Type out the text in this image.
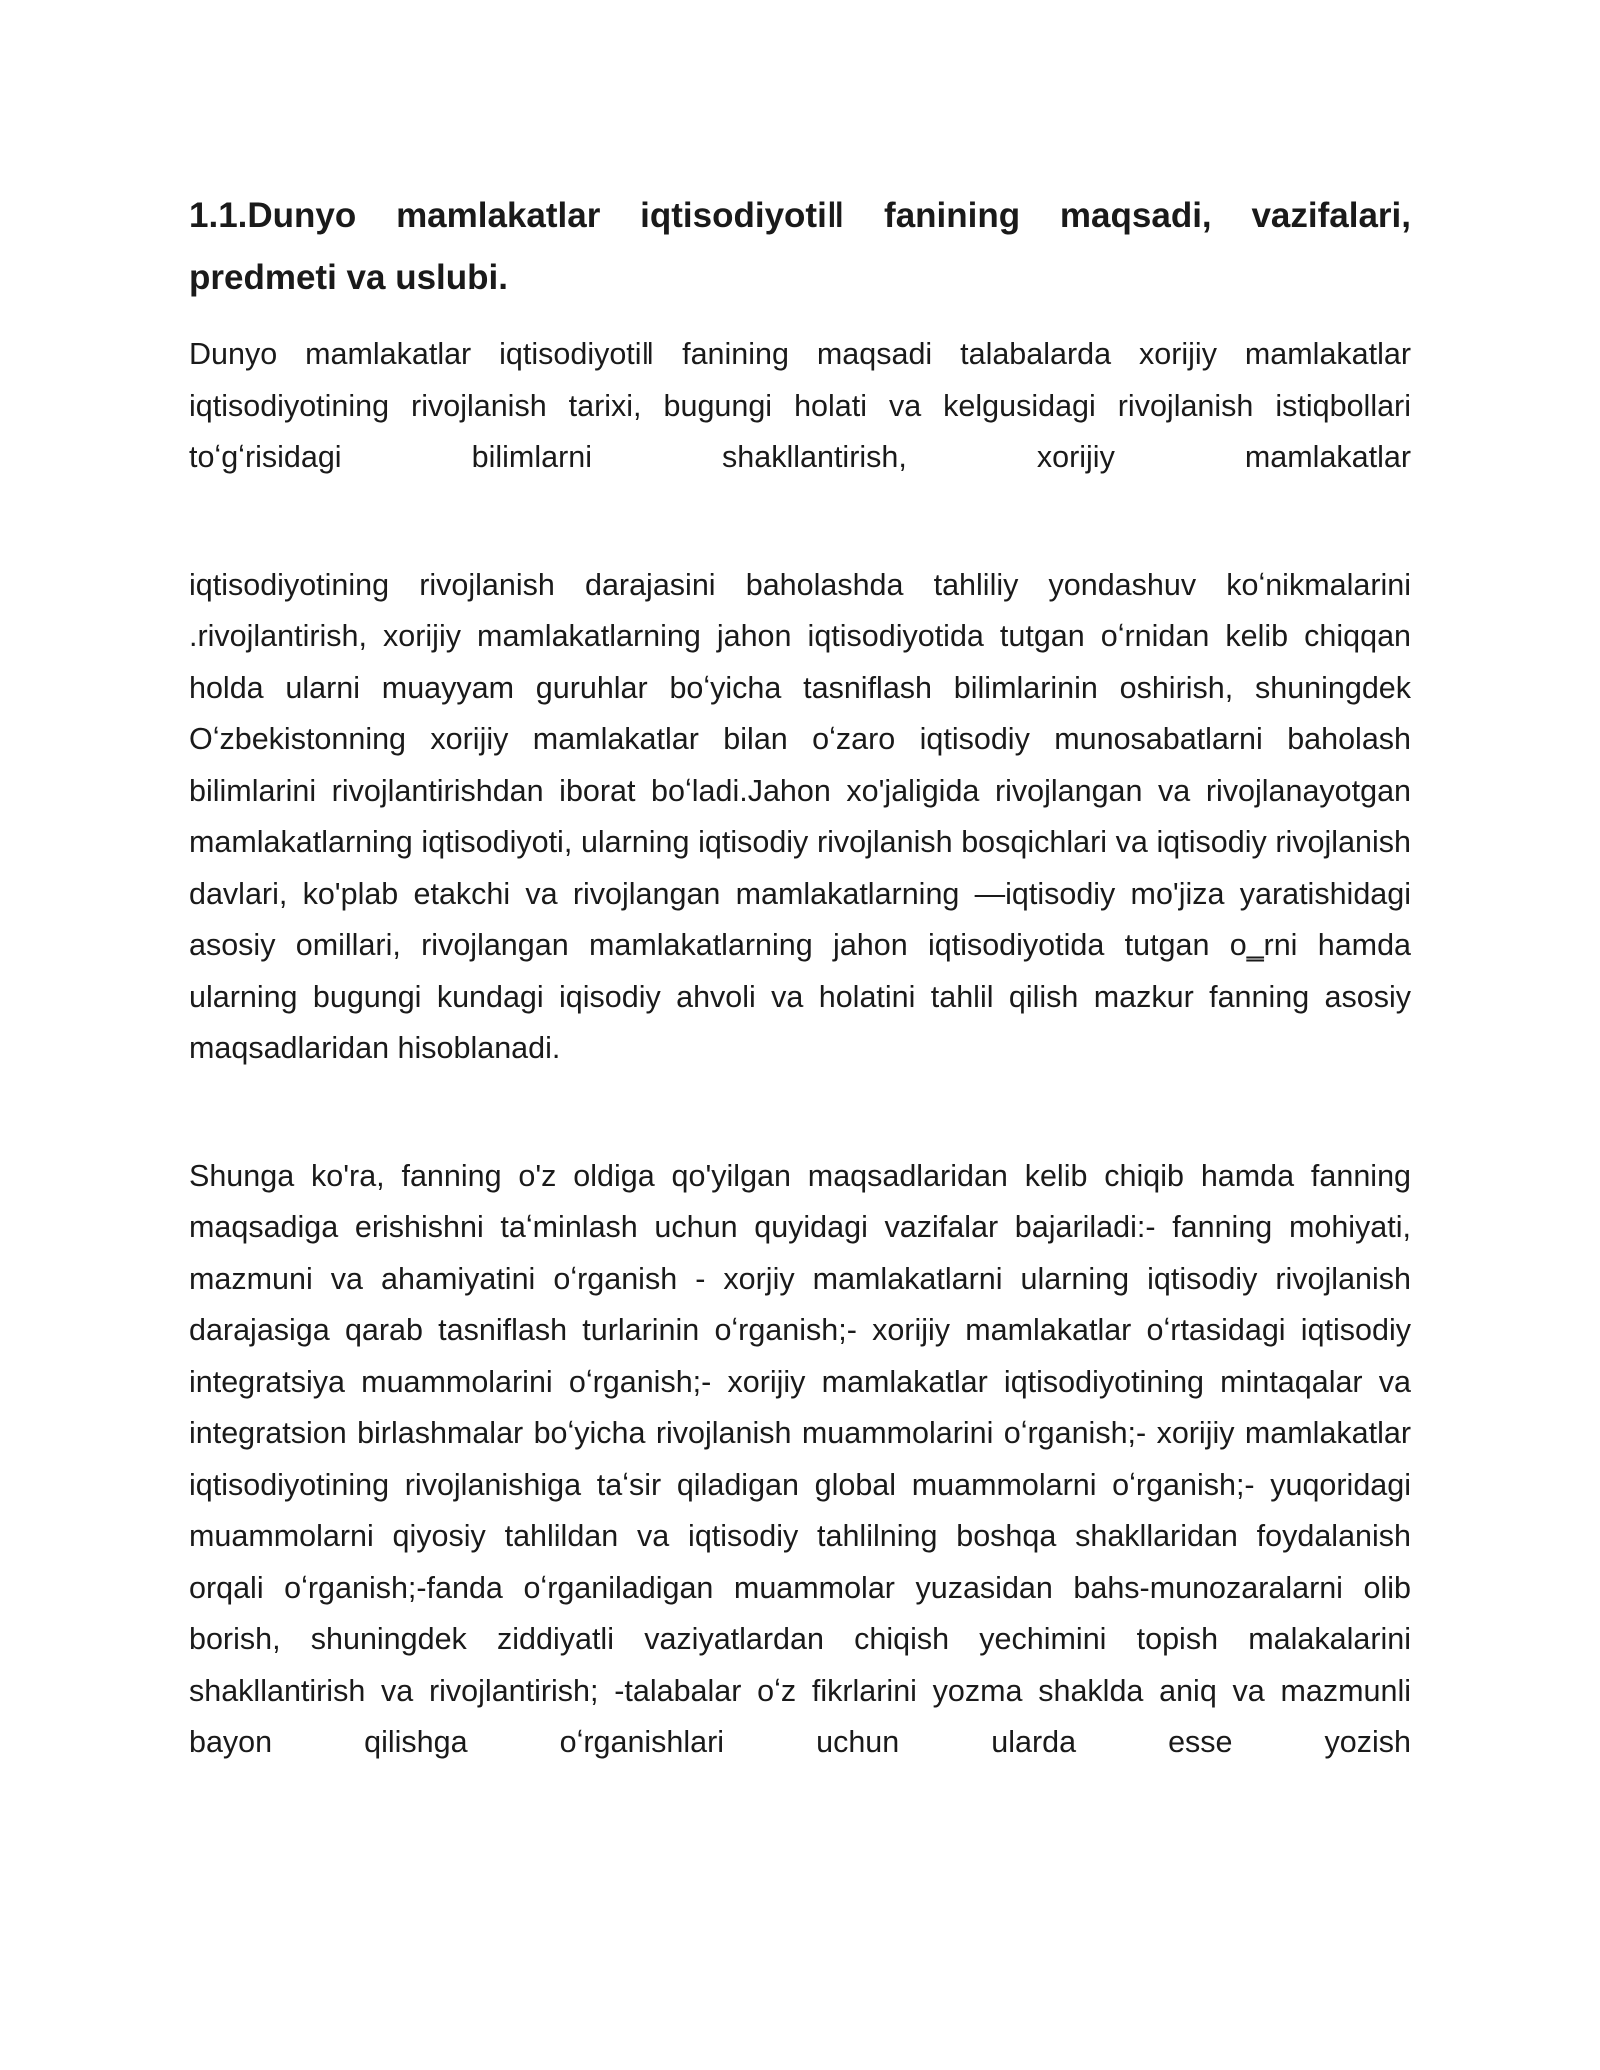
1.1.Dunyo mamlakatlar iqtisodiyoti‖ fanining maqsadi, vazifalari, predmeti va uslubi.

Dunyo mamlakatlar iqtisodiyoti‖ fanining maqsadi talabalarda xorijiy mamlakatlar iqtisodiyotining rivojlanish tarixi, bugungi holati va kelgusidagi rivojlanish istiqbollari toʻgʻrisidagi bilimlarni shakllantirish, xorijiy mamlakatlar

iqtisodiyotining rivojlanish darajasini baholashda tahliliy yondashuv koʻnikmalarini .rivojlantirish, xorijiy mamlakatlarning jahon iqtisodiyotida tutgan oʻrnidan kelib chiqqan holda ularni muayyam guruhlar boʻyicha tasniflash bilimlarinin oshirish, shuningdek Oʻzbekistonning xorijiy mamlakatlar bilan oʻzaro iqtisodiy munosabatlarni baholash bilimlarini rivojlantirishdan iborat boʻladi.Jahon xo'jaligida rivojlangan va rivojlanayotgan mamlakatlarning iqtisodiyoti, ularning iqtisodiy rivojlanish bosqichlari va iqtisodiy rivojlanish davlari, ko'plab etakchi va rivojlangan mamlakatlarning ―iqtisodiy mo'jiza yaratishidagi asosiy omillari, rivojlangan mamlakatlarning jahon iqtisodiyotida tutgan o‗rni hamda ularning bugungi kundagi iqisodiy ahvoli va holatini tahlil qilish mazkur fanning asosiy maqsadlaridan hisoblanadi.

Shunga ko'ra, fanning o'z oldiga qo'yilgan maqsadlaridan kelib chiqib hamda fanning maqsadiga erishishni taʻminlash uchun quyidagi vazifalar bajariladi:- fanning mohiyati, mazmuni va ahamiyatini oʻrganish - xorjiy mamlakatlarni ularning iqtisodiy rivojlanish darajasiga qarab tasniflash turlarinin oʻrganish;- xorijiy mamlakatlar oʻrtasidagi iqtisodiy integratsiya muammolarini oʻrganish;- xorijiy mamlakatlar iqtisodiyotining mintaqalar va integratsion birlashmalar boʻyicha rivojlanish muammolarini oʻrganish;- xorijiy mamlakatlar iqtisodiyotining rivojlanishiga taʻsir qiladigan global muammolarni oʻrganish;- yuqoridagi muammolarni qiyosiy tahlildan va iqtisodiy tahlilning boshqa shakllaridan foydalanish orqali oʻrganish;-fanda oʻrganiladigan muammolar yuzasidan bahs-munozaralarni olib borish, shuningdek ziddiyatli vaziyatlardan chiqish yechimini topish malakalarini shakllantirish va rivojlantirish; -talabalar oʻz fikrlarini yozma shaklda aniq va mazmunli bayon qilishga oʻrganishlari uchun ularda esse yozish
